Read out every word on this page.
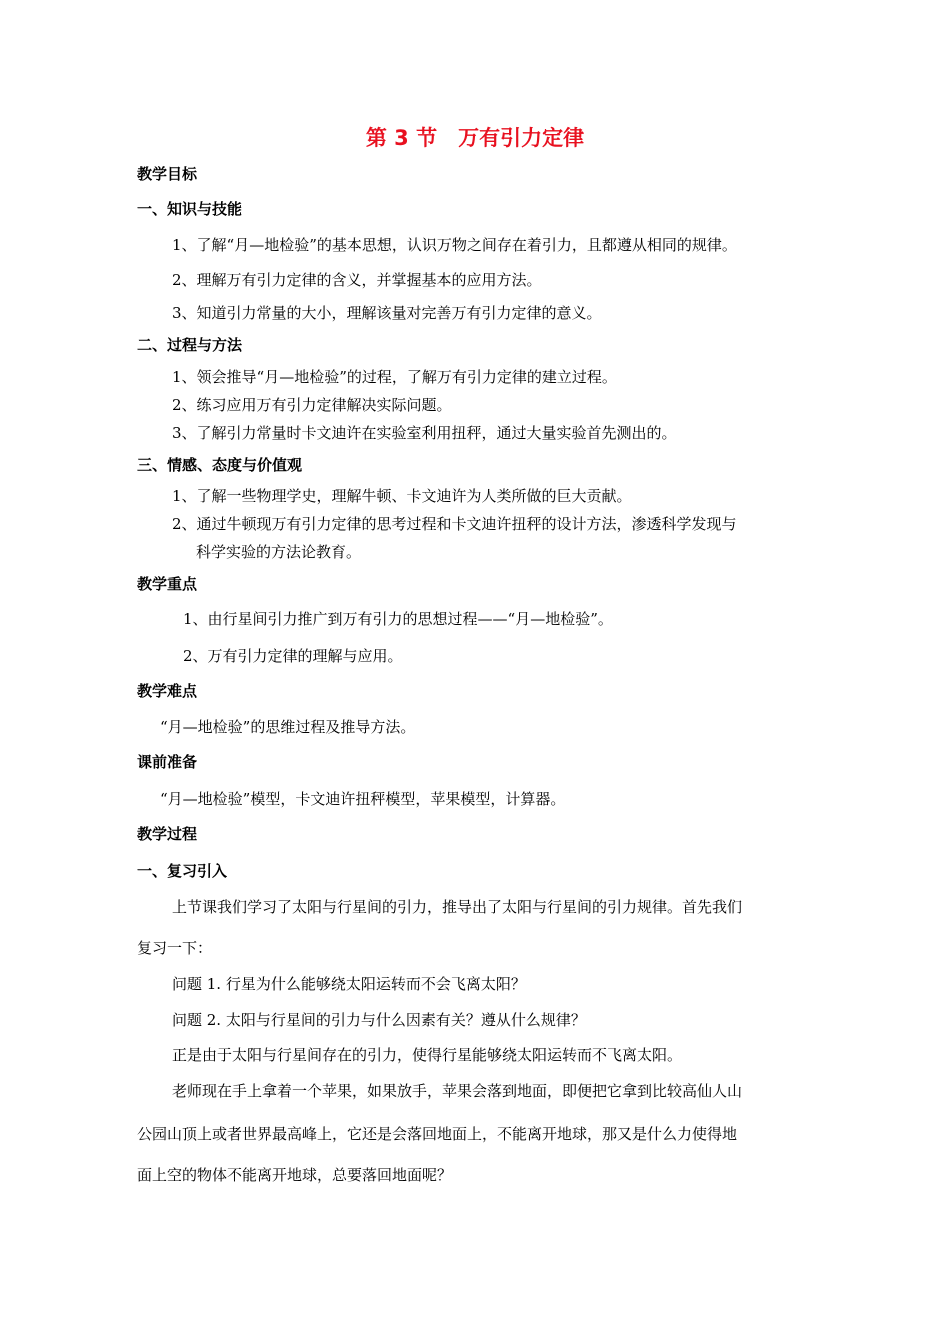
第 3 节　万有引力定律
教学目标
一、知识与技能
1、了解“月—地检验”的基本思想，认识万物之间存在着引力，且都遵从相同的规律。
2、理解万有引力定律的含义，并掌握基本的应用方法。
3、知道引力常量的大小，理解该量对完善万有引力定律的意义。
二、过程与方法
1、领会推导“月—地检验”的过程，了解万有引力定律的建立过程。
2、练习应用万有引力定律解决实际问题。
3、了解引力常量时卡文迪许在实验室利用扭秤，通过大量实验首先测出的。
三、情感、态度与价值观
1、了解一些物理学史，理解牛顿、卡文迪许为人类所做的巨大贡献。
2、通过牛顿现万有引力定律的思考过程和卡文迪许扭秤的设计方法，渗透科学发现与
科学实验的方法论教育。
教学重点
1、由行星间引力推广到万有引力的思想过程——“月—地检验”。
2、万有引力定律的理解与应用。
教学难点
“月—地检验”的思维过程及推导方法。
课前准备
“月—地检验”模型，卡文迪许扭秤模型，苹果模型，计算器。
教学过程
一、复习引入
上节课我们学习了太阳与行星间的引力，推导出了太阳与行星间的引力规律。首先我们
复习一下：
问题 1. 行星为什么能够绕太阳运转而不会飞离太阳？
问题 2. 太阳与行星间的引力与什么因素有关？遵从什么规律？
正是由于太阳与行星间存在的引力，使得行星能够绕太阳运转而不飞离太阳。
老师现在手上拿着一个苹果，如果放手，苹果会落到地面，即便把它拿到比较高仙人山
公园山顶上或者世界最高峰上，它还是会落回地面上，不能离开地球，那又是什么力使得地
面上空的物体不能离开地球，总要落回地面呢？
